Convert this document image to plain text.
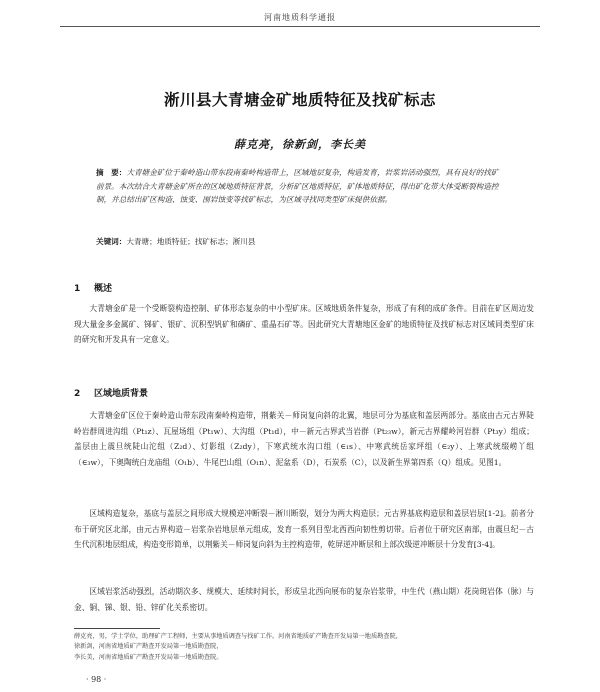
河南地质科学通报
淅川县大青塘金矿地质特征及找矿标志
薛克亮，徐新剑，李长美
摘　要：大青塘金矿位于秦岭造山带东段南秦岭构造带上，区域地层复杂，构造发育，岩浆岩活动强烈，具有良好的找矿前景。本次结合大青塘金矿所在的区域地质特征背景，分析矿区地质特征，矿体地质特征，得出矿化带大体受断裂构造控制，并总结出矿区构造、蚀变、围岩蚀变等找矿标志，为区域寻找同类型矿床提供依据。
关键词：大青塘；地质特征；找矿标志；淅川县
1 概述

大青塘金矿是一个受断裂构造控制、矿体形态复杂的中小型矿床。区域地质条件复杂，形成了有利的成矿条件。目前在矿区周边发现大量金多金属矿、锑矿、银矿、沉积型钒矿和磷矿、重晶石矿等。因此研究大青塘地区金矿的地质特征及找矿标志对区域同类型矿床的研究和开发具有一定意义。

2 区域地质背景

大青塘金矿区位于秦岭造山带东段南秦岭构造带，荆紫关－师岗复向斜的北翼，地层可分为基底和盖层两部分。基底由古元古界陡岭岩群周进沟组（Pt₁z）、瓦屋场组（Pt₁w）、大沟组（Pt₁d），中－新元古界武当岩群（Pt₂₃w），新元古界耀岭河岩群（Pt₃y）组成；盖层由上震旦统陡山沱组（Z₂d）、灯影组（Z₂dy），下寒武统水沟口组（∈₁s）、中寒武统岳家坪组（∈₂y）、上寒武统缀崂丫组（∈₃w），下奥陶统白龙庙组（O₁b）、牛尾巴山组（O₁n）、泥盆系（D），石炭系（C），以及新生界第四系（Q）组成。见图1。

区域构造复杂，基底与盖层之间形成大规模逆冲断裂－淅川断裂，划分为两大构造层；元古界基底构造层和盖层岩层[1-2]。前者分布于研究区北部，由元古界构造－岩浆杂岩地层单元组成，发育一系列目型北西西向韧性剪切带。后者位于研究区南部，由震旦纪－古生代沉积地层组成，构造变形简单，以荆紫关－师岗复向斜为主控构造带，乾屏逆冲断层和上部次级逆冲断层十分发育[3-4]。

区域岩浆活动强烈，活动期次多、规模大、延续时间长，形成呈北西向展布的复杂岩浆带，中生代（燕山期）花岗斑岩体（脉）与金、铜、锑、银、铅、锌矿化关系密切。

薛克亮，男，学士学位，助理矿产工程师，主要从事地质调查与找矿工作。河南省地质矿产勘查开发局第一地质勘查院，
徐新剑，河南省地质矿产勘查开发局第一地质勘查院，
李长美，河南省地质矿产勘查开发局第一地质勘查院。
· 98 ·
